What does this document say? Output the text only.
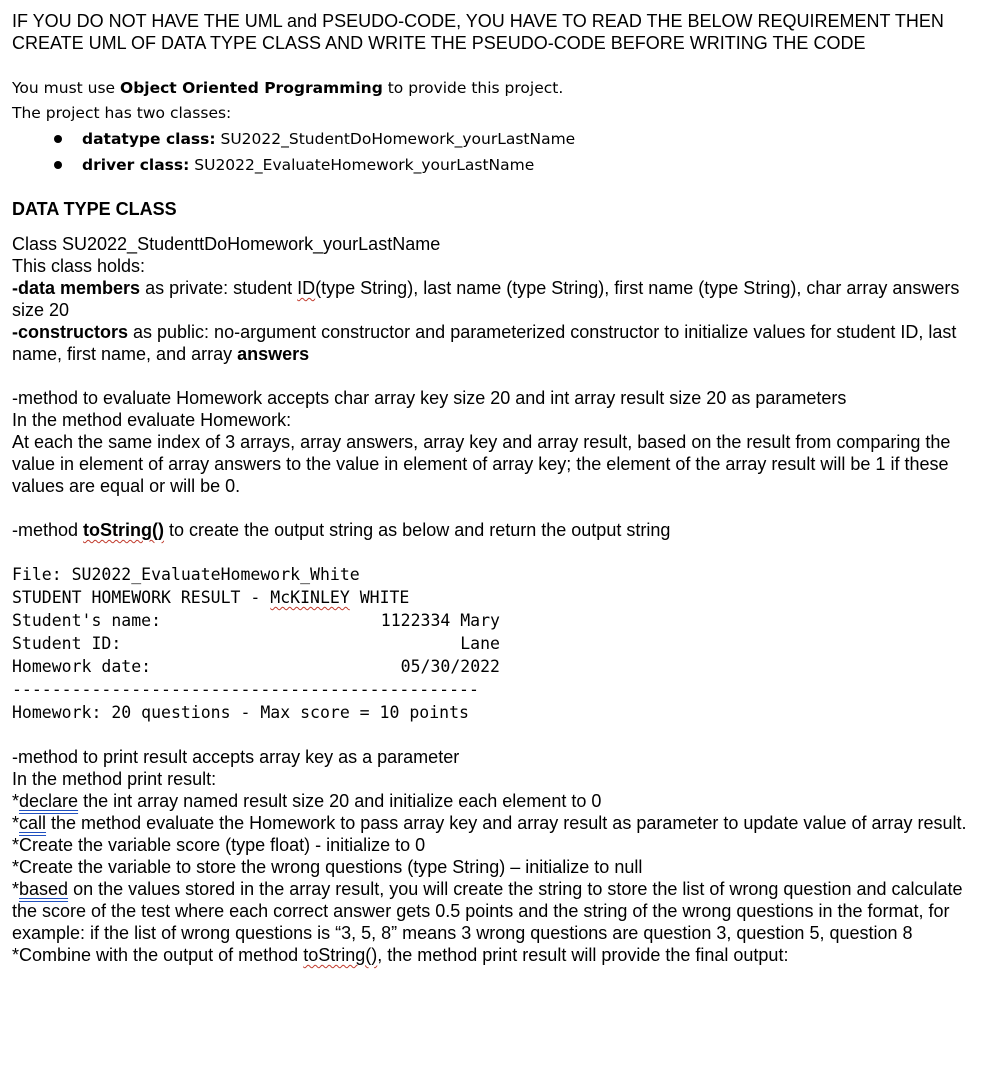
IF YOU DO NOT HAVE THE UML and PSEUDO-CODE, YOU HAVE TO READ THE BELOW REQUIREMENT THEN CREATE UML OF DATA TYPE CLASS AND WRITE THE PSEUDO-CODE BEFORE WRITING THE CODE

You must use Object Oriented Programming to provide this project.
The project has two classes:
datatype class: SU2022_StudentDoHomework_yourLastName
driver class: SU2022_EvaluateHomework_yourLastName
DATA TYPE CLASS

Class SU2022_StudenttDoHomework_yourLastName

This class holds:

-data members as private: student ID(type String), last name (type String), first name (type String), char array answers size 20

-constructors as public: no-argument constructor and parameterized constructor to initialize values for student ID, last name, first name, and array answers

-method to evaluate Homework accepts char array key size 20 and int array result size 20 as parameters

In the method evaluate Homework:

At each the same index of 3 arrays, array answers, array key and array result, based on the result from comparing the value in element of array answers to the value in element of array key; the element of the array result will be 1 if these values are equal or will be 0.

-method toString() to create the output string as below and return the output string

File: SU2022_EvaluateHomework_White
STUDENT HOMEWORK RESULT - McKINLEY WHITE
Student's name:	1122334 Mary
Student ID:	Lane
Homework date:	05/30/2022
-----------------------------------------------
Homework: 20 questions - Max score = 10 points

-method to print result accepts array key as a parameter

In the method print result:

*declare the int array named result size 20 and initialize each element to 0

*call the method evaluate the Homework to pass array key and array result as parameter to update value of array result.

*Create the variable score (type float) - initialize to 0

*Create the variable to store the wrong questions (type String) – initialize to null

*based on the values stored in the array result, you will create the string to store the list of wrong question and calculate the score of the test where each correct answer gets 0.5 points and the string of the wrong questions in the format, for example: if the list of wrong questions is “3, 5, 8” means 3 wrong questions are question 3, question 5, question 8

*Combine with the output of method toString(), the method print result will provide the final output:
